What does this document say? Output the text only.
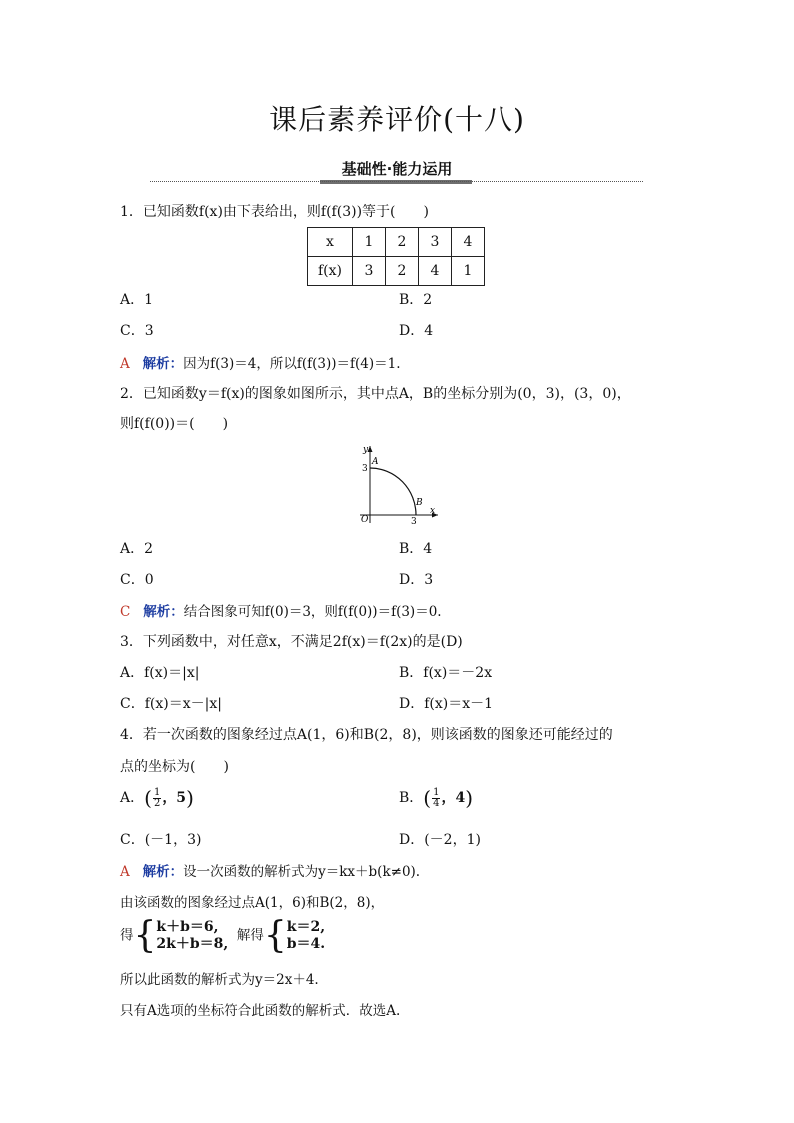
课后素养评价(十八)
基础性·能力运用
1．已知函数f(x)由下表给出，则f(f(3))等于(　　)
x	1	2	3	4
f(x)	3	2	4	1
A．1	B．2
C．3	D．4
A 解析：因为f(3)＝4，所以f(f(3))＝f(4)＝1.
2．已知函数y＝f(x)的图象如图所示，其中点A，B的坐标分别为(0，3)，(3，0)，
则f(f(0))＝(　　)
y
x
O
A
B
3
3
A．2	B．4
C．0	D．3
C 解析：结合图象可知f(0)＝3，则f(f(0))＝f(3)＝0.
3．下列函数中，对任意x，不满足2f(x)＝f(2x)的是(D)
A．f(x)＝|x|	B．f(x)＝－2x
C．f(x)＝x－|x|	D．f(x)＝x－1
4．若一次函数的图象经过点A(1，6)和B(2，8)，则该函数的图象还可能经过的
点的坐标为(　　)
A．( $\frac{1}{2}$ ，5)	B．( $\frac{1}{4}$ ，4)
C．(－1，3)	D．(－2，1)
A 解析：设一次函数的解析式为y＝kx＋b(k≠0).
由该函数的图象经过点A(1，6)和B(2，8)，
得{ k＋b＝6,
2k＋b＝8,
解得{ k＝2,
b＝4.
所以此函数的解析式为y＝2x＋4.
只有A选项的坐标符合此函数的解析式．故选A.
